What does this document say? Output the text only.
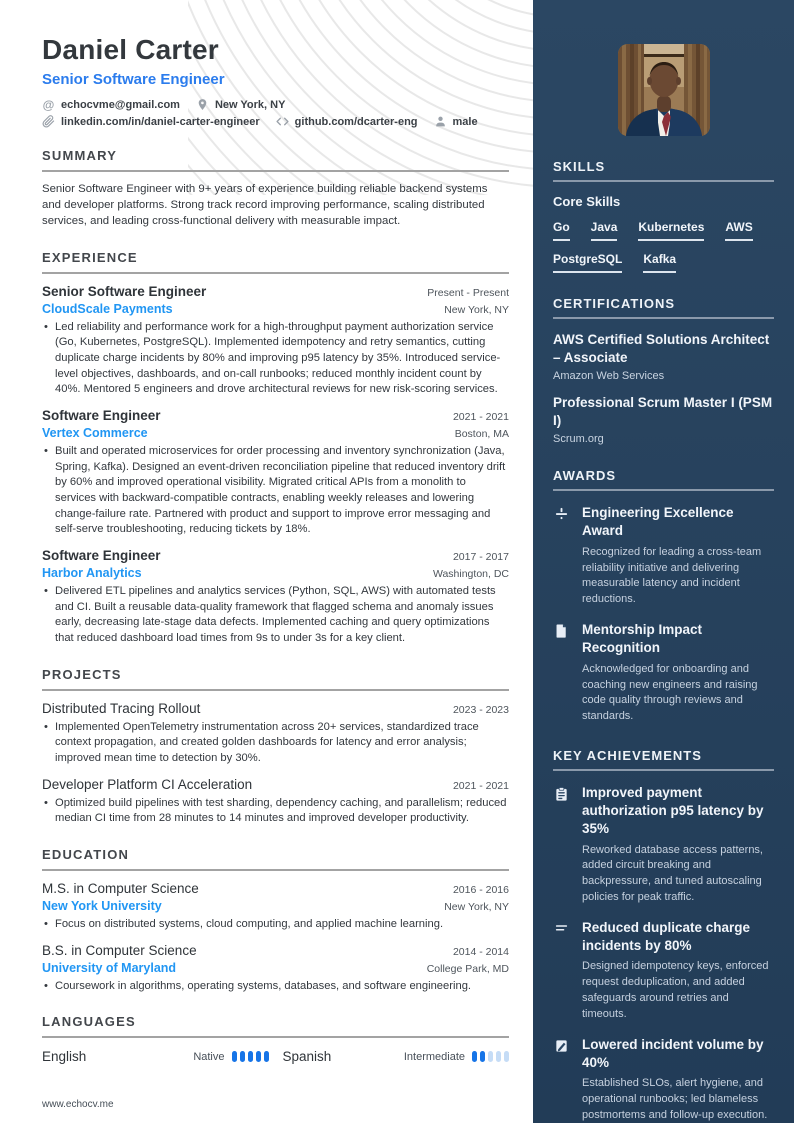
Daniel Carter
Senior Software Engineer
@ echocvme@gmail.com	New York, NY
linkedin.com/in/daniel-carter-engineer	github.com/dcarter-eng	male
SUMMARY
Senior Software Engineer with 9+ years of experience building reliable backend systems and developer platforms. Strong track record improving performance, scaling distributed services, and leading cross-functional delivery with measurable impact.
EXPERIENCE
Senior Software Engineer	Present - Present
CloudScale Payments	New York, NY
• Led reliability and performance work for a high-throughput payment authorization service (Go, Kubernetes, PostgreSQL). Implemented idempotency and retry semantics, cutting duplicate charge incidents by 80% and improving p95 latency by 35%. Introduced service-level objectives, dashboards, and on-call runbooks; reduced monthly incident count by 40%. Mentored 5 engineers and drove architectural reviews for new risk-scoring services.
Software Engineer	2021 - 2021
Vertex Commerce	Boston, MA
• Built and operated microservices for order processing and inventory synchronization (Java, Spring, Kafka). Designed an event-driven reconciliation pipeline that reduced inventory drift by 60% and improved operational visibility. Migrated critical APIs from a monolith to services with backward-compatible contracts, enabling weekly releases and lowering change-failure rate. Partnered with product and support to improve error messaging and self-serve troubleshooting, reducing tickets by 18%.
Software Engineer	2017 - 2017
Harbor Analytics	Washington, DC
• Delivered ETL pipelines and analytics services (Python, SQL, AWS) with automated tests and CI. Built a reusable data-quality framework that flagged schema and anomaly issues early, decreasing late-stage data defects. Implemented caching and query optimizations that reduced dashboard load times from 9s to under 3s for a key client.
PROJECTS
Distributed Tracing Rollout	2023 - 2023
• Implemented OpenTelemetry instrumentation across 20+ services, standardized trace context propagation, and created golden dashboards for latency and error analysis; improved mean time to detection by 30%.
Developer Platform CI Acceleration	2021 - 2021
• Optimized build pipelines with test sharding, dependency caching, and parallelism; reduced median CI time from 28 minutes to 14 minutes and improved developer productivity.
EDUCATION
M.S. in Computer Science	2016 - 2016
New York University	New York, NY
• Focus on distributed systems, cloud computing, and applied machine learning.
B.S. in Computer Science	2014 - 2014
University of Maryland	College Park, MD
• Coursework in algorithms, operating systems, databases, and software engineering.
LANGUAGES
English	Native	Spanish	Intermediate
www.echocv.me
SKILLS
Core Skills
Go Java Kubernetes AWS
PostgreSQL Kafka
CERTIFICATIONS
AWS Certified Solutions Architect – Associate
Amazon Web Services
Professional Scrum Master I (PSM I)
Scrum.org
AWARDS
Engineering Excellence Award
Recognized for leading a cross-team reliability initiative and delivering measurable latency and incident reductions.
Mentorship Impact Recognition
Acknowledged for onboarding and coaching new engineers and raising code quality through reviews and standards.
KEY ACHIEVEMENTS
Improved payment authorization p95 latency by 35%
Reworked database access patterns, added circuit breaking and backpressure, and tuned autoscaling policies for peak traffic.
Reduced duplicate charge incidents by 80%
Designed idempotency keys, enforced request deduplication, and added safeguards around retries and timeouts.
Lowered incident volume by 40%
Established SLOs, alert hygiene, and operational runbooks; led blameless postmortems and follow-up execution.
